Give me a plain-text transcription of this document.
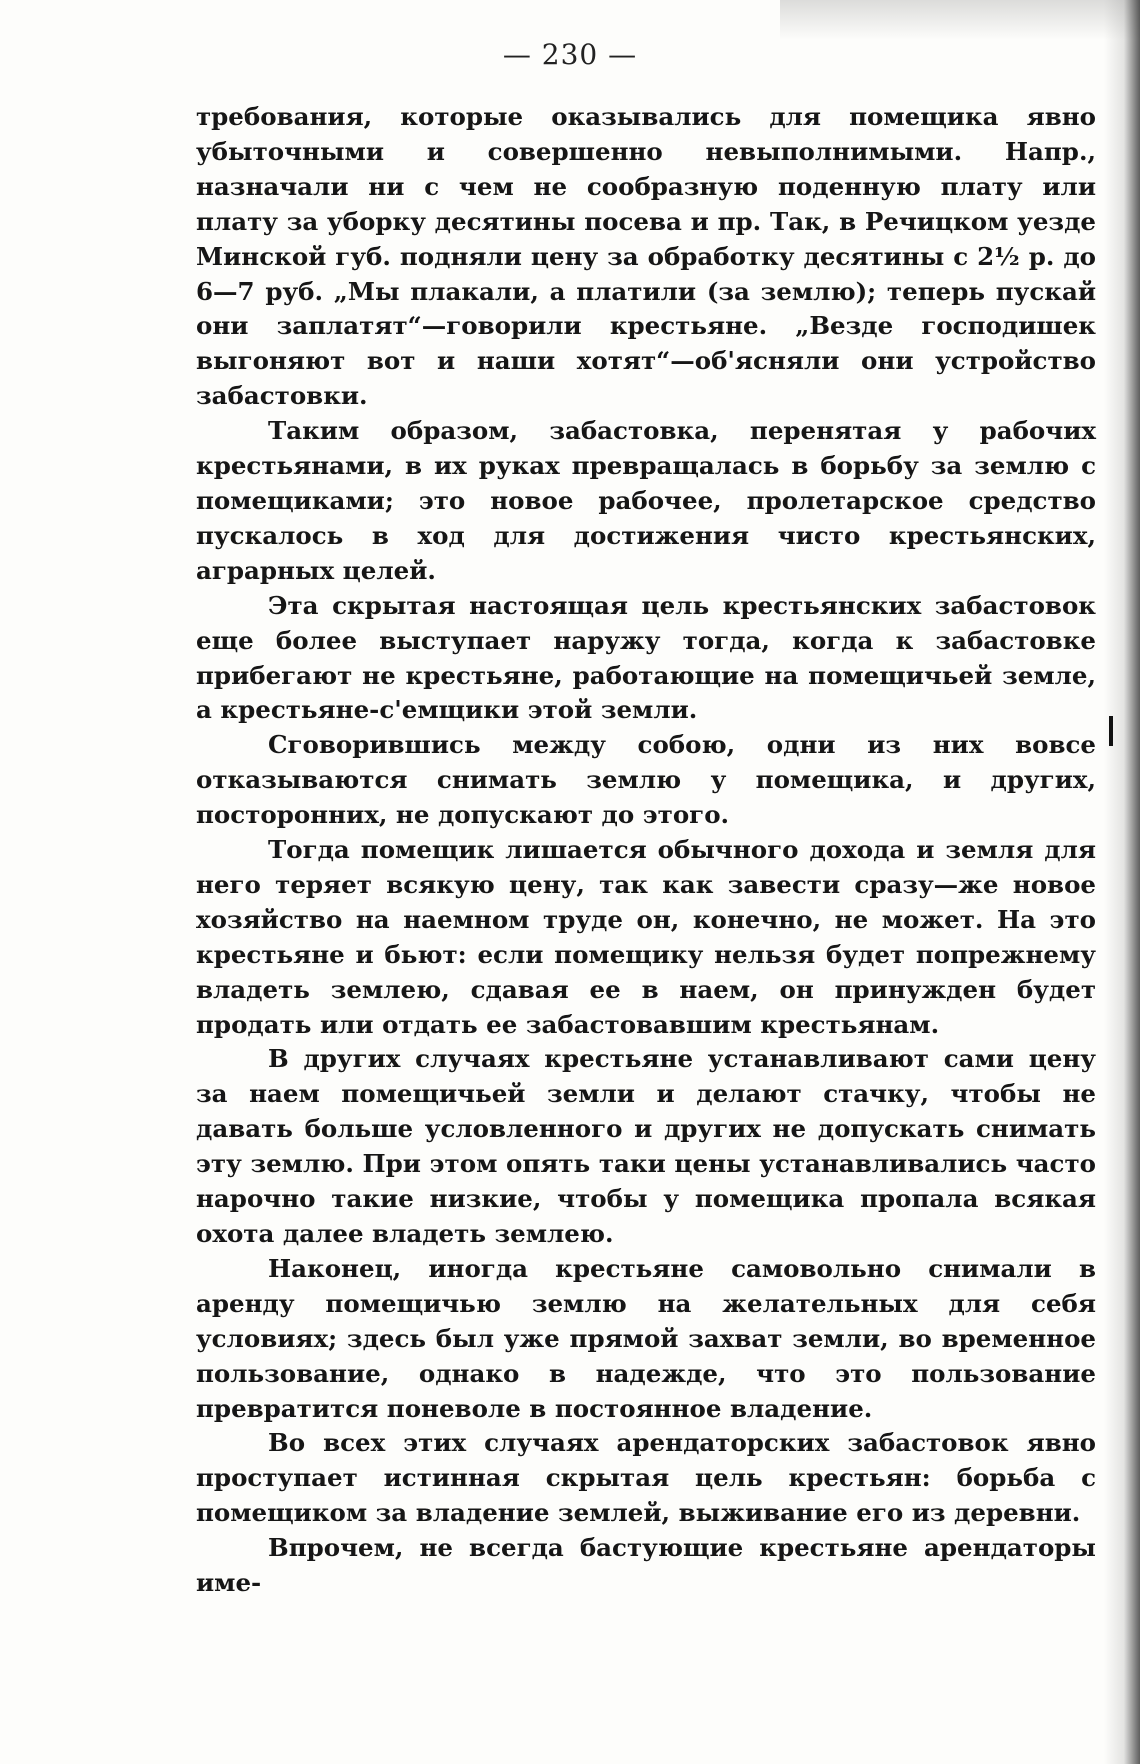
— 230 —

требования, которые оказывались для помещика явно убыточными и совершенно невыполнимыми. Напр., назначали ни с чем не сообразную поденную плату или плату за уборку десятины посева и пр. Так, в Речицком уезде Минской губ. подняли цену за обработку десятины с 2½ р. до 6—7 руб. „Мы плакали, а платили (за землю); теперь пускай они заплатят“—говорили крестьяне. „Везде господишек выгоняют вот и наши хотят“—об'ясняли они устройство забастовки.

Таким образом, забастовка, перенятая у рабочих крестьянами, в их руках превращалась в борьбу за землю с помещиками; это новое рабочее, пролетарское средство пускалось в ход для достижения чисто крестьянских, аграрных целей.

Эта скрытая настоящая цель крестьянских забастовок еще более выступает наружу тогда, когда к забастовке прибегают не крестьяне, работающие на помещичьей земле, а крестьяне-с'емщики этой земли.

Сговорившись между собою, одни из них вовсе отказываются снимать землю у помещика, и других, посторонних, не допускают до этого.

Тогда помещик лишается обычного дохода и земля для него теряет всякую цену, так как завести сразу—же новое хозяйство на наемном труде он, конечно, не может. На это крестьяне и бьют: если помещику нельзя будет попрежнему владеть землею, сдавая ее в наем, он принужден будет продать или отдать ее забастовавшим крестьянам.

В других случаях крестьяне устанавливают сами цену за наем помещичьей земли и делают стачку, чтобы не давать больше условленного и других не допускать снимать эту землю. При этом опять таки цены устанавливались часто нарочно такие низкие, чтобы у помещика пропала всякая охота далее владеть землею.

Наконец, иногда крестьяне самовольно снимали в аренду помещичью землю на желательных для себя условиях; здесь был уже прямой захват земли, во временное пользование, однако в надежде, что это пользование превратится поневоле в постоянное владение.

Во всех этих случаях арендаторских забастовок явно проступает истинная скрытая цель крестьян: борьба с помещиком за владение землей, выживание его из деревни.

Впрочем, не всегда бастующие крестьяне арендаторы име-
